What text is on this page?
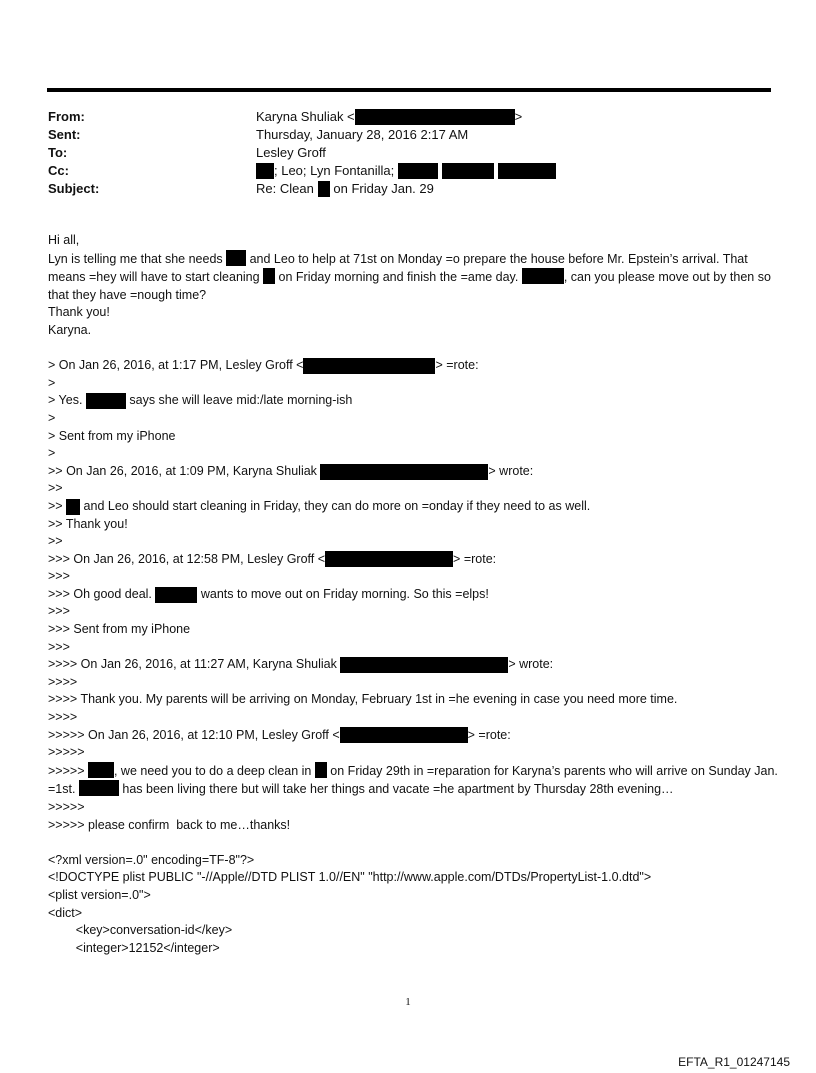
From:	Karyna Shuliak <	>
Sent:	Thursday, January 28, 2016 2:17 AM
To:	Lesley Groff
Cc:	; Leo; Lyn Fontanilla;
Subject:	Re: Clean on Friday Jan. 29
Hi all,
Lyn is telling me that she needs  and Leo to help at 71st on Monday =o prepare the house before Mr. Epstein’s arrival. That means =hey will have to start cleaning  on Friday morning and finish the =ame day.	, can you please move out by then so that they have =nough time?
Thank you!
Karyna.
> On Jan 26, 2016, at 1:17 PM, Lesley Groff <	> =rote:
>
> Yes.	says she will leave mid:/late morning-ish
>
> Sent from my iPhone
>
>> On Jan 26, 2016, at 1:09 PM, Karyna Shuliak	> wrote:
>>
>> and Leo should start cleaning in Friday, they can do more on =onday if they need to as well.
>> Thank you!
>>
>>> On Jan 26, 2016, at 12:58 PM, Lesley Groff <	> =rote:
>>>
>>> Oh good deal.	wants to move out on Friday morning. So this =elps!
>>>
>>> Sent from my iPhone
>>>
>>>> On Jan 26, 2016, at 11:27 AM, Karyna Shuliak	> wrote:
>>>>
>>>> Thank you. My parents will be arriving on Monday, February 1st in =he evening in case you need more time.
>>>>
>>>>> On Jan 26, 2016, at 12:10 PM, Lesley Groff <	> =rote:
>>>>>
>>>>> , we need you to do a deep clean in  on Friday 29th in =reparation for Karyna’s parents who will arrive on Sunday Jan. =1st.	has been living there but will take her things and vacate =he apartment by Thursday 28th evening…
>>>>>
>>>>> please confirm  back to me…thanks!
<?xml version=.0" encoding=TF-8"?>
<!DOCTYPE plist PUBLIC "-//Apple//DTD PLIST 1.0//EN" "http://www.apple.com/DTDs/PropertyList-1.0.dtd">
<plist version=.0">
<dict>
<key>conversation-id</key>
<integer>12152</integer>
1
EFTA_R1_01247145
